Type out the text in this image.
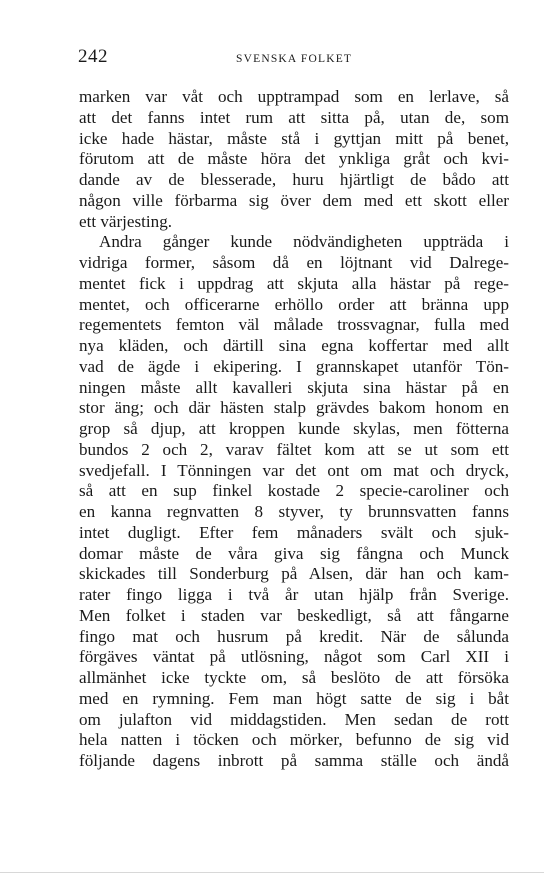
242	SVENSKA FOLKET
marken var våt och upptrampad som en lerlave, så
att det fanns intet rum att sitta på, utan de, som
icke hade hästar, måste stå i gyttjan mitt på benet,
förutom att de måste höra det ynkliga gråt och kvi-
dande av de blesserade, huru hjärtligt de bådo att
någon ville förbarma sig över dem med ett skott eller
ett värjesting.
Andra gånger kunde nödvändigheten uppträda i
vidriga former, såsom då en löjtnant vid Dalrege-
mentet fick i uppdrag att skjuta alla hästar på rege-
mentet, och officerarne erhöllo order att bränna upp
regementets femton väl målade trossvagnar, fulla med
nya kläden, och därtill sina egna koffertar med allt
vad de ägde i ekipering. I grannskapet utanför Tön-
ningen måste allt kavalleri skjuta sina hästar på en
stor äng; och där hästen stalp grävdes bakom honom en
grop så djup, att kroppen kunde skylas, men fötterna
bundos 2 och 2, varav fältet kom att se ut som ett
svedjefall. I Tönningen var det ont om mat och dryck,
så att en sup finkel kostade 2 specie-caroliner och
en kanna regnvatten 8 styver, ty brunnsvatten fanns
intet dugligt. Efter fem månaders svält och sjuk-
domar måste de våra giva sig fångna och Munck
skickades till Sonderburg på Alsen, där han och kam-
rater fingo ligga i två år utan hjälp från Sverige.
Men folket i staden var beskedligt, så att fångarne
fingo mat och husrum på kredit. När de sålunda
förgäves väntat på utlösning, något som Carl XII i
allmänhet icke tyckte om, så beslöto de att försöka
med en rymning. Fem man högt satte de sig i båt
om julafton vid middagstiden. Men sedan de rott
hela natten i töcken och mörker, befunno de sig vid
följande dagens inbrott på samma ställe och ändå
